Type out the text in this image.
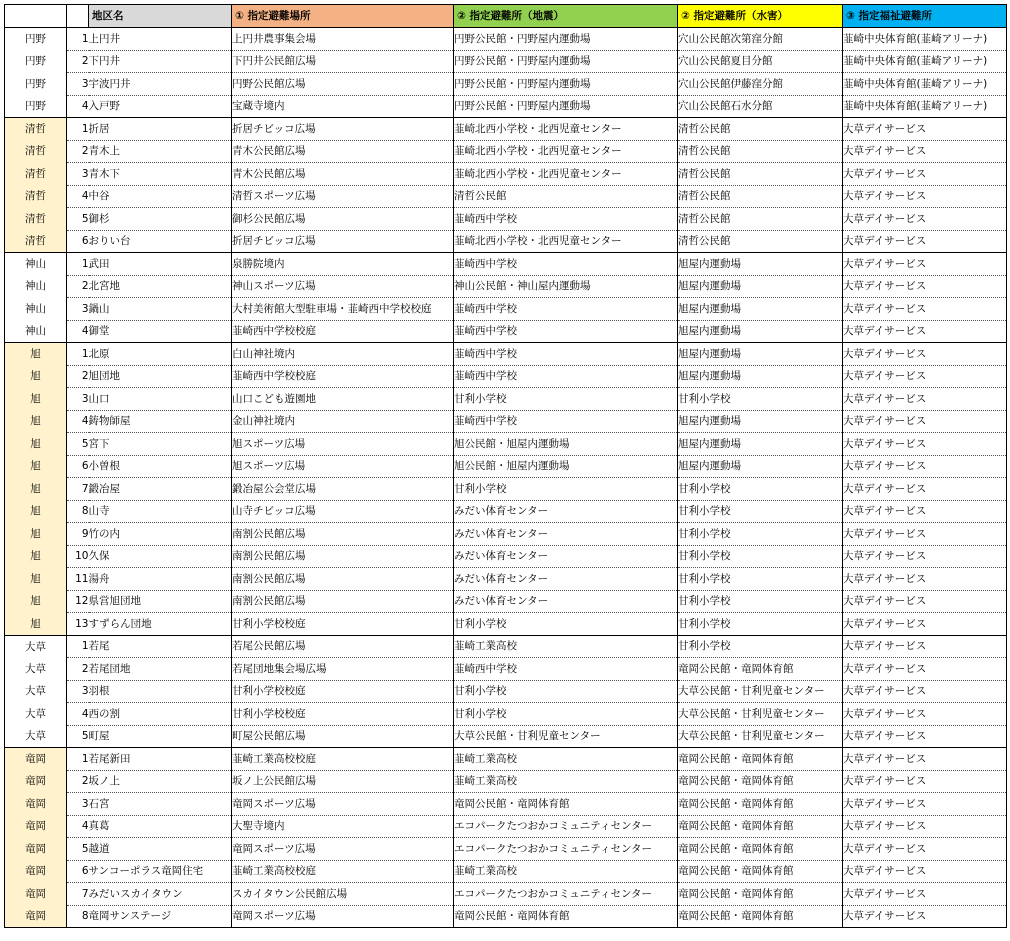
		地区名	① 指定避難場所	② 指定避難所（地震）	② 指定避難所（水害）	③ 指定福祉避難所
円野	1	上円井	上円井農事集会場	円野公民館・円野屋内運動場	穴山公民館次第窪分館	韮崎中央体育館(韮崎アリーナ)
円野	2	下円井	下円井公民館広場	円野公民館・円野屋内運動場	穴山公民館夏目分館	韮崎中央体育館(韮崎アリーナ)
円野	3	宇波円井	円野公民館広場	円野公民館・円野屋内運動場	穴山公民館伊藤窪分館	韮崎中央体育館(韮崎アリーナ)
円野	4	入戸野	宝蔵寺境内	円野公民館・円野屋内運動場	穴山公民館石水分館	韮崎中央体育館(韮崎アリーナ)
清哲	1	折居	折居チビッコ広場	韮崎北西小学校・北西児童センター	清哲公民館	大草デイサービス
清哲	2	青木上	青木公民館広場	韮崎北西小学校・北西児童センター	清哲公民館	大草デイサービス
清哲	3	青木下	青木公民館広場	韮崎北西小学校・北西児童センター	清哲公民館	大草デイサービス
清哲	4	中谷	清哲スポーツ広場	清哲公民館	清哲公民館	大草デイサービス
清哲	5	御杉	御杉公民館広場	韮崎西中学校	清哲公民館	大草デイサービス
清哲	6	おりい台	折居チビッコ広場	韮崎北西小学校・北西児童センター	清哲公民館	大草デイサービス
神山	1	武田	泉勝院境内	韮崎西中学校	旭屋内運動場	大草デイサービス
神山	2	北宮地	神山スポーツ広場	神山公民館・神山屋内運動場	旭屋内運動場	大草デイサービス
神山	3	鍋山	大村美術館大型駐車場・韮崎西中学校校庭	韮崎西中学校	旭屋内運動場	大草デイサービス
神山	4	御堂	韮崎西中学校校庭	韮崎西中学校	旭屋内運動場	大草デイサービス
旭	1	北原	白山神社境内	韮崎西中学校	旭屋内運動場	大草デイサービス
旭	2	旭団地	韮崎西中学校校庭	韮崎西中学校	旭屋内運動場	大草デイサービス
旭	3	山口	山口こども遊園地	甘利小学校	甘利小学校	大草デイサービス
旭	4	鋳物師屋	金山神社境内	韮崎西中学校	旭屋内運動場	大草デイサービス
旭	5	宮下	旭スポーツ広場	旭公民館・旭屋内運動場	旭屋内運動場	大草デイサービス
旭	6	小曽根	旭スポーツ広場	旭公民館・旭屋内運動場	旭屋内運動場	大草デイサービス
旭	7	鍛冶屋	鍛冶屋公会堂広場	甘利小学校	甘利小学校	大草デイサービス
旭	8	山寺	山寺チビッコ広場	みだい体育センター	甘利小学校	大草デイサービス
旭	9	竹の内	南割公民館広場	みだい体育センター	甘利小学校	大草デイサービス
旭	10	久保	南割公民館広場	みだい体育センター	甘利小学校	大草デイサービス
旭	11	湯舟	南割公民館広場	みだい体育センター	甘利小学校	大草デイサービス
旭	12	県営旭団地	南割公民館広場	みだい体育センター	甘利小学校	大草デイサービス
旭	13	すずらん団地	甘利小学校校庭	甘利小学校	甘利小学校	大草デイサービス
大草	1	若尾	若尾公民館広場	韮崎工業高校	甘利小学校	大草デイサービス
大草	2	若尾団地	若尾団地集会場広場	韮崎西中学校	竜岡公民館・竜岡体育館	大草デイサービス
大草	3	羽根	甘利小学校校庭	甘利小学校	大草公民館・甘利児童センター	大草デイサービス
大草	4	西の割	甘利小学校校庭	甘利小学校	大草公民館・甘利児童センター	大草デイサービス
大草	5	町屋	町屋公民館広場	大草公民館・甘利児童センター	大草公民館・甘利児童センター	大草デイサービス
竜岡	1	若尾新田	韮崎工業高校校庭	韮崎工業高校	竜岡公民館・竜岡体育館	大草デイサービス
竜岡	2	坂ノ上	坂ノ上公民館広場	韮崎工業高校	竜岡公民館・竜岡体育館	大草デイサービス
竜岡	3	石宮	竜岡スポーツ広場	竜岡公民館・竜岡体育館	竜岡公民館・竜岡体育館	大草デイサービス
竜岡	4	真葛	大聖寺境内	エコパークたつおかコミュニティセンター	竜岡公民館・竜岡体育館	大草デイサービス
竜岡	5	越道	竜岡スポーツ広場	エコパークたつおかコミュニティセンター	竜岡公民館・竜岡体育館	大草デイサービス
竜岡	6	サンコーポラス竜岡住宅	韮崎工業高校校庭	韮崎工業高校	竜岡公民館・竜岡体育館	大草デイサービス
竜岡	7	みだいスカイタウン	スカイタウン公民館広場	エコパークたつおかコミュニティセンター	竜岡公民館・竜岡体育館	大草デイサービス
竜岡	8	竜岡サンステージ	竜岡スポーツ広場	竜岡公民館・竜岡体育館	竜岡公民館・竜岡体育館	大草デイサービス
